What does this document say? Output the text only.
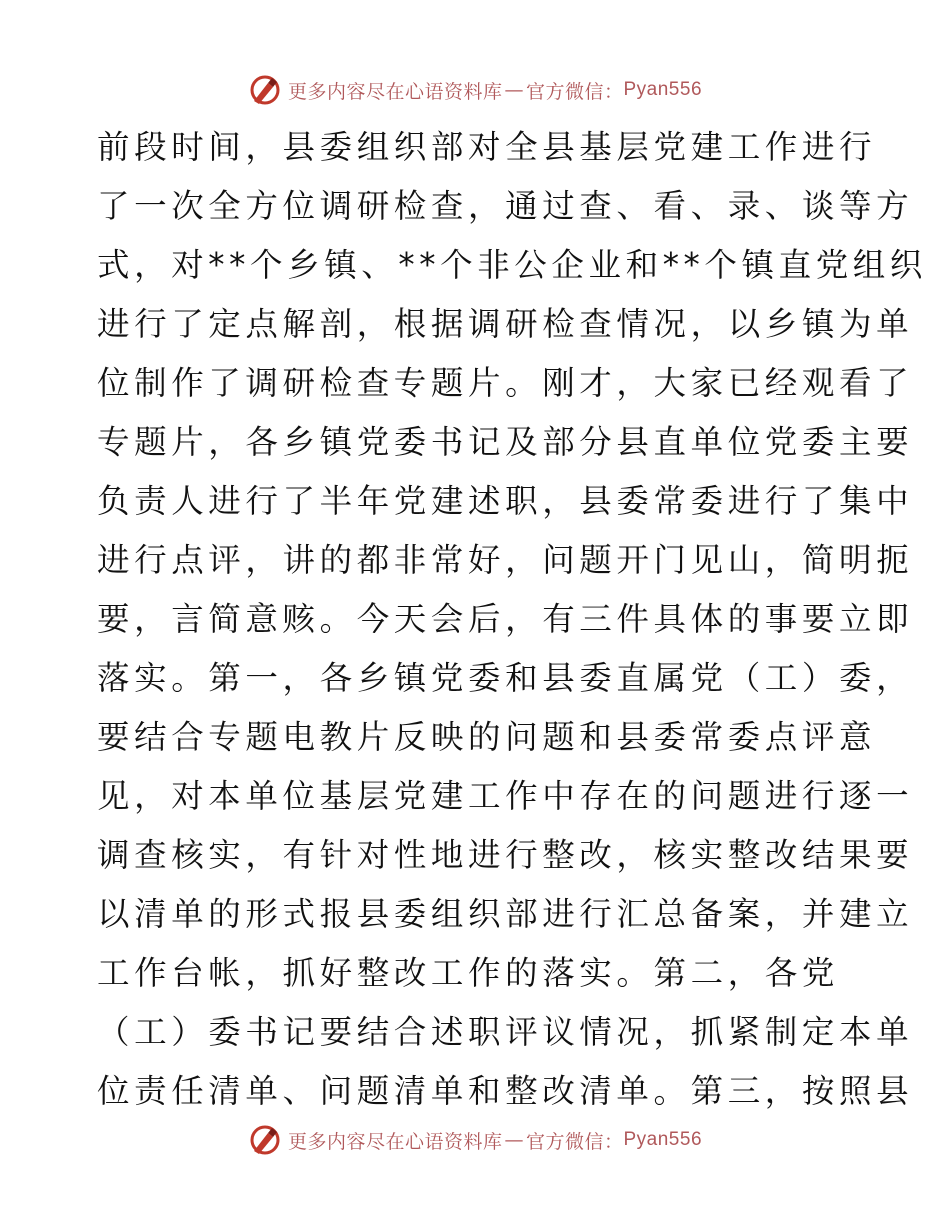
更多内容尽在心语资料库 — 官方微信： Pyan556
前段时间，县委组织部对全县基层党建工作进行
了一次全方位调研检查，通过查、看、录、谈等方
式，对**个乡镇、**个非公企业和**个镇直党组织
进行了定点解剖，根据调研检查情况，以乡镇为单
位制作了调研检查专题片。刚才，大家已经观看了
专题片，各乡镇党委书记及部分县直单位党委主要
负责人进行了半年党建述职，县委常委进行了集中
进行点评，讲的都非常好，问题开门见山，简明扼
要，言简意赅。今天会后，有三件具体的事要立即
落实。第一，各乡镇党委和县委直属党（工）委，
要结合专题电教片反映的问题和县委常委点评意
见，对本单位基层党建工作中存在的问题进行逐一
调查核实，有针对性地进行整改，核实整改结果要
以清单的形式报县委组织部进行汇总备案，并建立
工作台帐，抓好整改工作的落实。第二，各党
（工）委书记要结合述职评议情况，抓紧制定本单
位责任清单、问题清单和整改清单。第三，按照县
更多内容尽在心语资料库 — 官方微信： Pyan556
